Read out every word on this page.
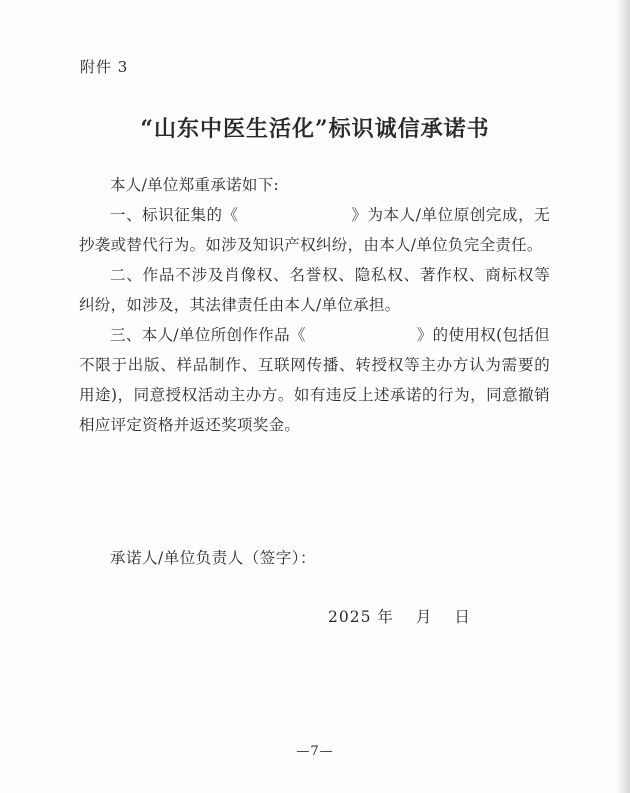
附件 3
“山东中医生活化”标识诚信承诺书

本人/单位郑重承诺如下:

一、标识征集的《　　　　　　　》为本人/单位原创完成，无抄袭或替代行为。如涉及知识产权纠纷，由本人/单位负完全责任。

二、作品不涉及肖像权、名誉权、隐私权、著作权、商标权等纠纷，如涉及，其法律责任由本人/单位承担。

三、本人/单位所创作作品《　　　　　　　》的使用权(包括但不限于出版、样品制作、互联网传播、转授权等主办方认为需要的用途)，同意授权活动主办方。如有违反上述承诺的行为，同意撤销相应评定资格并返还奖项奖金。

承诺人/单位负责人（签字）：
2025 年 月 日
—7—
